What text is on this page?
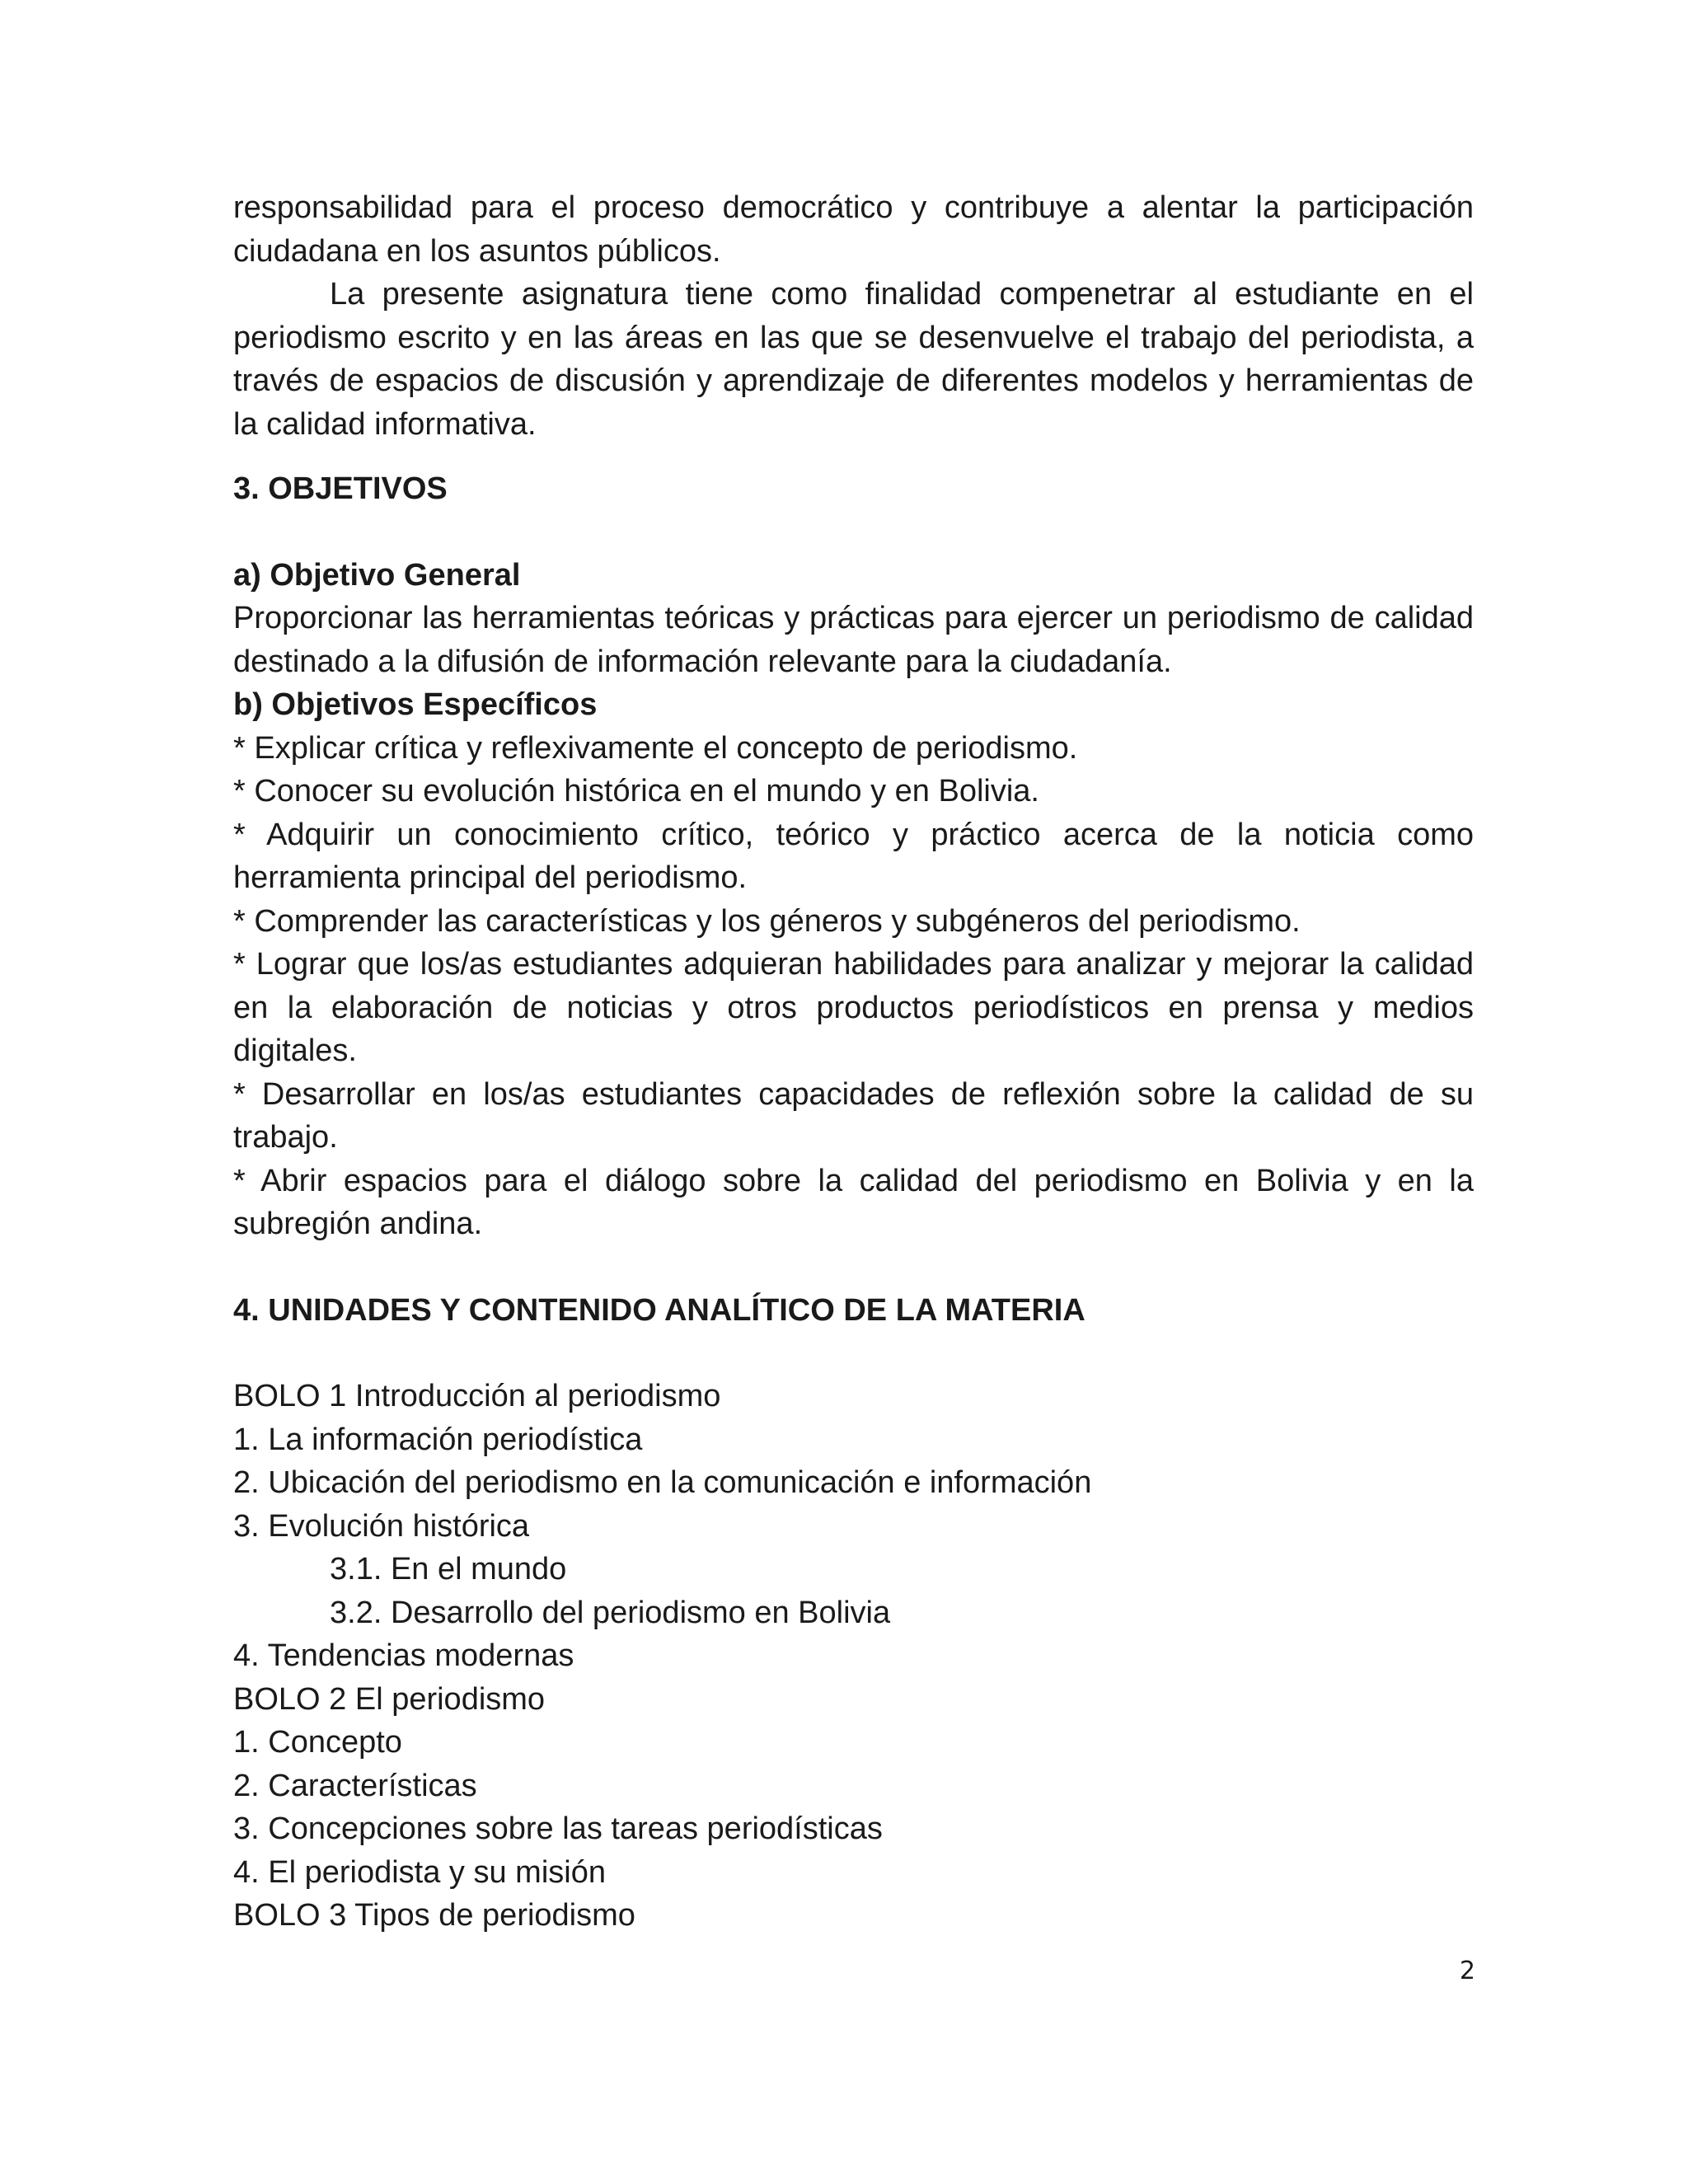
responsabilidad para el proceso democrático y contribuye a alentar la participación ciudadana en los asuntos públicos.

La presente asignatura tiene como finalidad compenetrar al estudiante en el periodismo escrito y en las áreas en las que se desenvuelve el trabajo del periodista, a través de espacios de discusión y aprendizaje de diferentes modelos y herramientas de la calidad informativa.

3. OBJETIVOS

a) Objetivo General

Proporcionar las herramientas teóricas y prácticas para ejercer un periodismo de calidad destinado a la difusión de información relevante para la ciudadanía.

b) Objetivos Específicos

* Explicar crítica y reflexivamente el concepto de periodismo.

* Conocer su evolución histórica en el mundo y en Bolivia.

* Adquirir un conocimiento crítico, teórico y práctico acerca de la noticia como herramienta principal del periodismo.

* Comprender las características y los géneros y subgéneros del periodismo.

* Lograr que los/as estudiantes adquieran habilidades para analizar y mejorar la calidad en la elaboración de noticias y otros productos periodísticos en prensa y medios digitales.

* Desarrollar en los/as estudiantes capacidades de reflexión sobre la calidad de su trabajo.

* Abrir espacios para el diálogo sobre la calidad del periodismo en Bolivia y en la subregión andina.

4. UNIDADES Y CONTENIDO ANALÍTICO DE LA MATERIA

BOLO 1 Introducción al periodismo

1. La información periodística

2. Ubicación del periodismo en la comunicación e información

3. Evolución histórica

3.1. En el mundo

3.2. Desarrollo del periodismo en Bolivia

4. Tendencias modernas

BOLO 2 El periodismo

1. Concepto

2. Características

3. Concepciones sobre las tareas periodísticas

4. El periodista y su misión

BOLO 3 Tipos de periodismo

2
